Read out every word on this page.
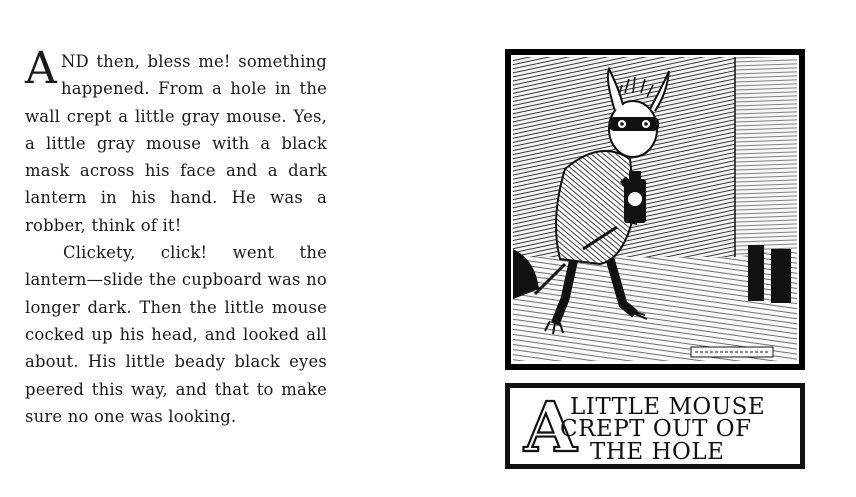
AND then, bless me! something happened. From a hole in the wall crept a little gray mouse. Yes, a little gray mouse with a black mask across his face and a dark lantern in his hand. He was a robber, think of it!

Clickety, click! went the lantern—slide the cupboard was no longer dark. Then the little mouse cocked up his head, and looked all about. His little beady black eyes peered this way, and that to make sure no one was looking.	A
LITTLE MOUSE
CREPT OUT OF
THE HOLE
